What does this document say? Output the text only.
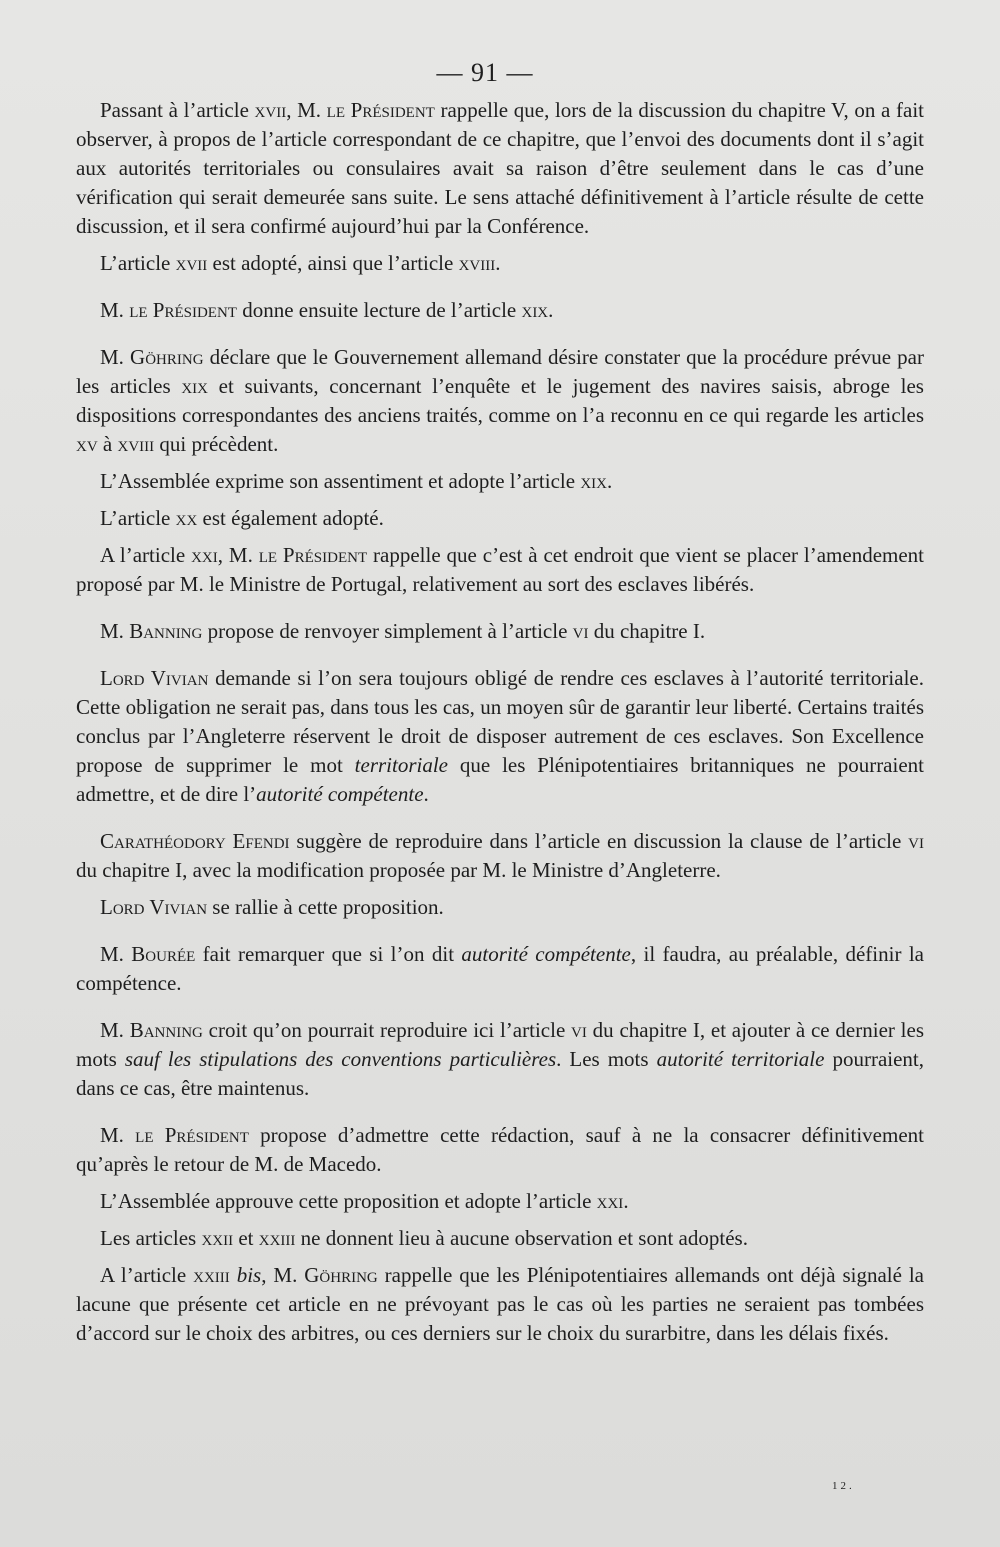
— 91 —

Passant à l’article xvii, M. le Président rappelle que, lors de la discussion du chapitre V, on a fait observer, à propos de l’article correspondant de ce chapitre, que l’envoi des documents dont il s’agit aux autorités territoriales ou consulaires avait sa raison d’être seulement dans le cas d’une vérification qui serait demeurée sans suite. Le sens attaché définitivement à l’article résulte de cette discussion, et il sera confirmé aujourd’hui par la Conférence.

L’article xvii est adopté, ainsi que l’article xviii.

M. le Président donne ensuite lecture de l’article xix.

M. Göhring déclare que le Gouvernement allemand désire constater que la procédure prévue par les articles xix et suivants, concernant l’enquête et le jugement des navires saisis, abroge les dispositions correspondantes des anciens traités, comme on l’a reconnu en ce qui regarde les articles xv à xviii qui précèdent.

L’Assemblée exprime son assentiment et adopte l’article xix.

L’article xx est également adopté.

A l’article xxi, M. le Président rappelle que c’est à cet endroit que vient se placer l’amendement proposé par M. le Ministre de Portugal, relativement au sort des esclaves libérés.

M. Banning propose de renvoyer simplement à l’article vi du chapitre I.

Lord Vivian demande si l’on sera toujours obligé de rendre ces esclaves à l’autorité territoriale. Cette obligation ne serait pas, dans tous les cas, un moyen sûr de garantir leur liberté. Certains traités conclus par l’Angleterre réservent le droit de disposer autrement de ces esclaves. Son Excellence propose de supprimer le mot territoriale que les Plénipotentiaires britanniques ne pourraient admettre, et de dire l’autorité compétente.

Carathéodory Efendi suggère de reproduire dans l’article en discussion la clause de l’article vi du chapitre I, avec la modification proposée par M. le Ministre d’Angleterre.

Lord Vivian se rallie à cette proposition.

M. Bourée fait remarquer que si l’on dit autorité compétente, il faudra, au préalable, définir la compétence.

M. Banning croit qu’on pourrait reproduire ici l’article vi du chapitre I, et ajouter à ce dernier les mots sauf les stipulations des conventions particulières. Les mots autorité territoriale pourraient, dans ce cas, être maintenus.

M. le Président propose d’admettre cette rédaction, sauf à ne la consacrer définitivement qu’après le retour de M. de Macedo.

L’Assemblée approuve cette proposition et adopte l’article xxi.

Les articles xxii et xxiii ne donnent lieu à aucune observation et sont adoptés.

A l’article xxiii bis, M. Göhring rappelle que les Plénipotentiaires allemands ont déjà signalé la lacune que présente cet article en ne prévoyant pas le cas où les parties ne seraient pas tombées d’accord sur le choix des arbitres, ou ces derniers sur le choix du surarbitre, dans les délais fixés.

12.
